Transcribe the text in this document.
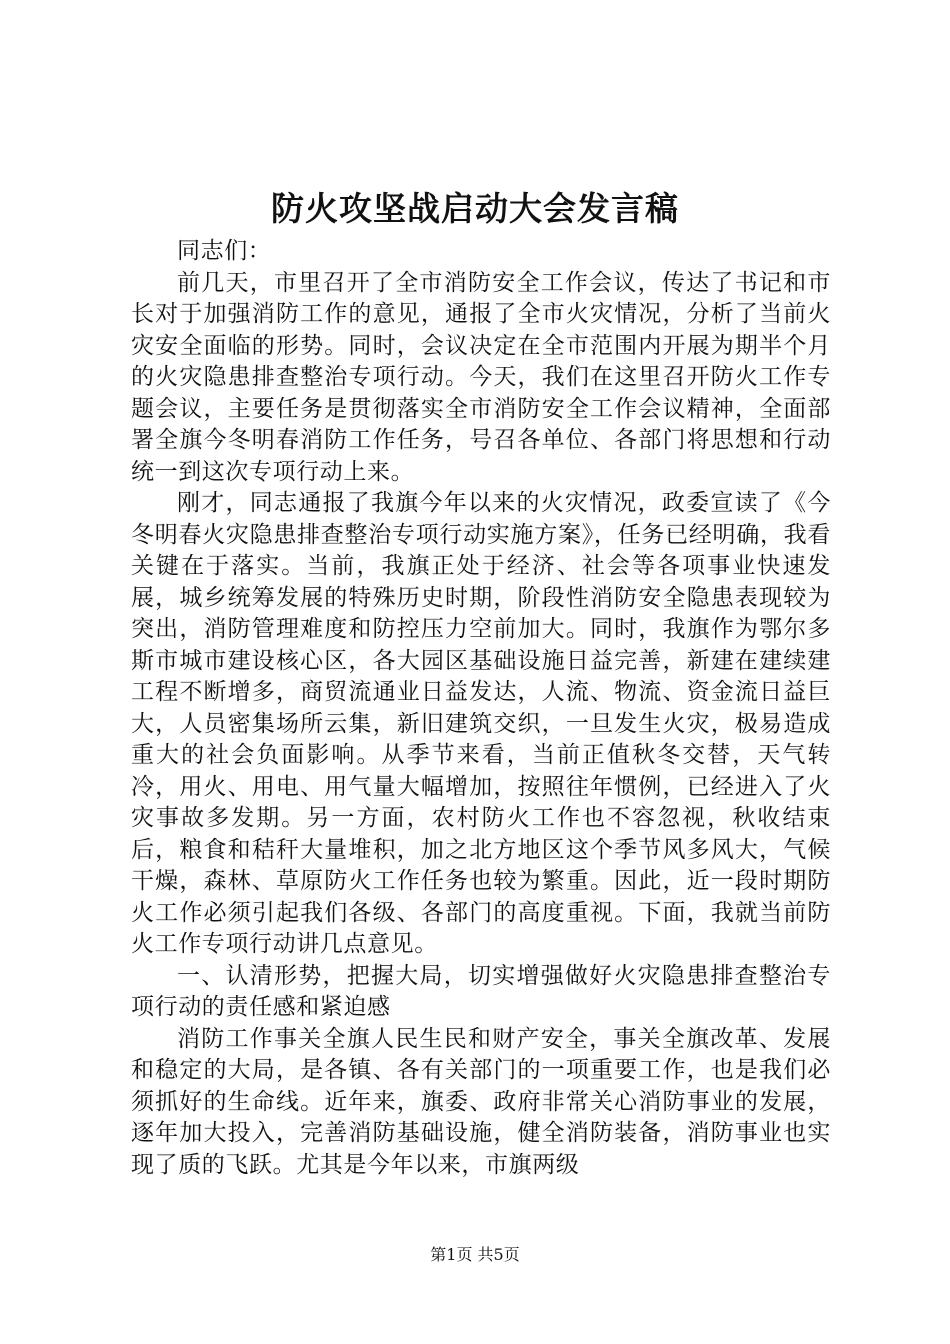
防火攻坚战启动大会发言稿

同志们：

前几天，市里召开了全市消防安全工作会议，传达了书记和市长对于加强消防工作的意见，通报了全市火灾情况，分析了当前火灾安全面临的形势。同时，会议决定在全市范围内开展为期半个月的火灾隐患排查整治专项行动。今天，我们在这里召开防火工作专题会议，主要任务是贯彻落实全市消防安全工作会议精神，全面部署全旗今冬明春消防工作任务，号召各单位、各部门将思想和行动统一到这次专项行动上来。

刚才，同志通报了我旗今年以来的火灾情况，政委宣读了《今冬明春火灾隐患排查整治专项行动实施方案》，任务已经明确，我看关键在于落实。当前，我旗正处于经济、社会等各项事业快速发展，城乡统筹发展的特殊历史时期，阶段性消防安全隐患表现较为突出，消防管理难度和防控压力空前加大。同时，我旗作为鄂尔多斯市城市建设核心区，各大园区基础设施日益完善，新建在建续建工程不断增多，商贸流通业日益发达，人流、物流、资金流日益巨大，人员密集场所云集，新旧建筑交织，一旦发生火灾，极易造成重大的社会负面影响。从季节来看，当前正值秋冬交替，天气转冷，用火、用电、用气量大幅增加，按照往年惯例，已经进入了火灾事故多发期。另一方面，农村防火工作也不容忽视，秋收结束后，粮食和秸秆大量堆积，加之北方地区这个季节风多风大，气候干燥，森林、草原防火工作任务也较为繁重。因此，近一段时期防火工作必须引起我们各级、各部门的高度重视。下面，我就当前防火工作专项行动讲几点意见。

一、认清形势，把握大局，切实增强做好火灾隐患排查整治专项行动的责任感和紧迫感

消防工作事关全旗人民生民和财产安全，事关全旗改革、发展和稳定的大局，是各镇、各有关部门的一项重要工作，也是我们必须抓好的生命线。近年来，旗委、政府非常关心消防事业的发展，逐年加大投入，完善消防基础设施，健全消防装备，消防事业也实现了质的飞跃。尤其是今年以来，市旗两级

第1页 共5页
